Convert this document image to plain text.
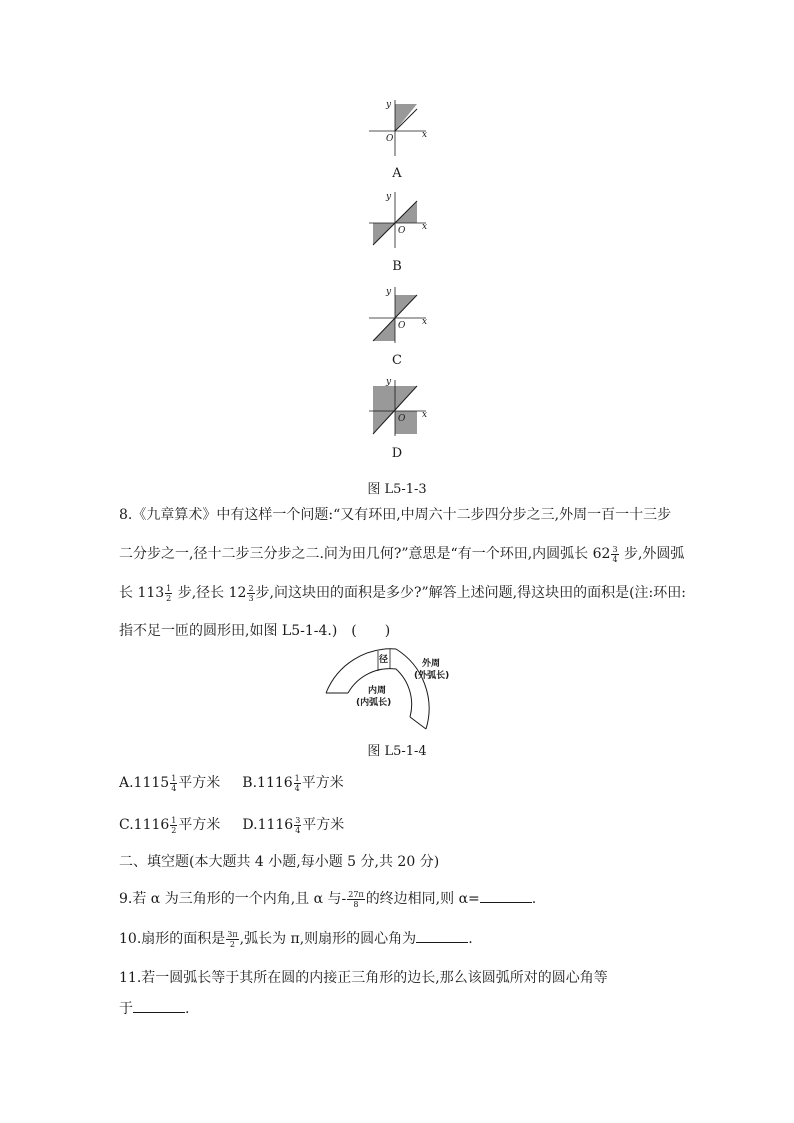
x
y
O
A
x
y
O
B
x
y
O
C
x
y
O
D
图 L5-1-3
8.《九章算术》中有这样一个问题:“又有环田,中周六十二步四分步之三,外周一百一十三步
二分步之一,径十二步三分步之二.问为田几何?”意思是“有一个环田,内圆弧长 $62 \frac{3}{4}$ 步,外圆弧
长 $113 \frac{1}{2}$ 步,径长 $12 \frac{2}{3}$ 步,问这块田的面积是多少?”解答上述问题,得这块田的面积是(注:环田:
指不足一匝的圆形田,如图 L5-1-4.)　(　　)
径	外周
(外弧长)
内周
(内弧长)
图 L5-1-4
$A.1115 \frac{1}{4}$ 平方米 $B.1116 \frac{1}{4}$ 平方米
$C.1116 \frac{1}{2}$ 平方米 $D.1116 \frac{3}{4}$ 平方米
二、填空题(本大题共 4 小题,每小题 5 分,共 20 分)
9.若 α 为三角形的一个内角,且 α 与- $\frac{27\pi}{8}$ 的终边相同,则 α=	.
10.扇形的面积是 $\frac{3\pi}{2}$ ,弧长为 π,则扇形的圆心角为	.
11.若一圆弧长等于其所在圆的内接正三角形的边长,那么该圆弧所对的圆心角等
于	.
